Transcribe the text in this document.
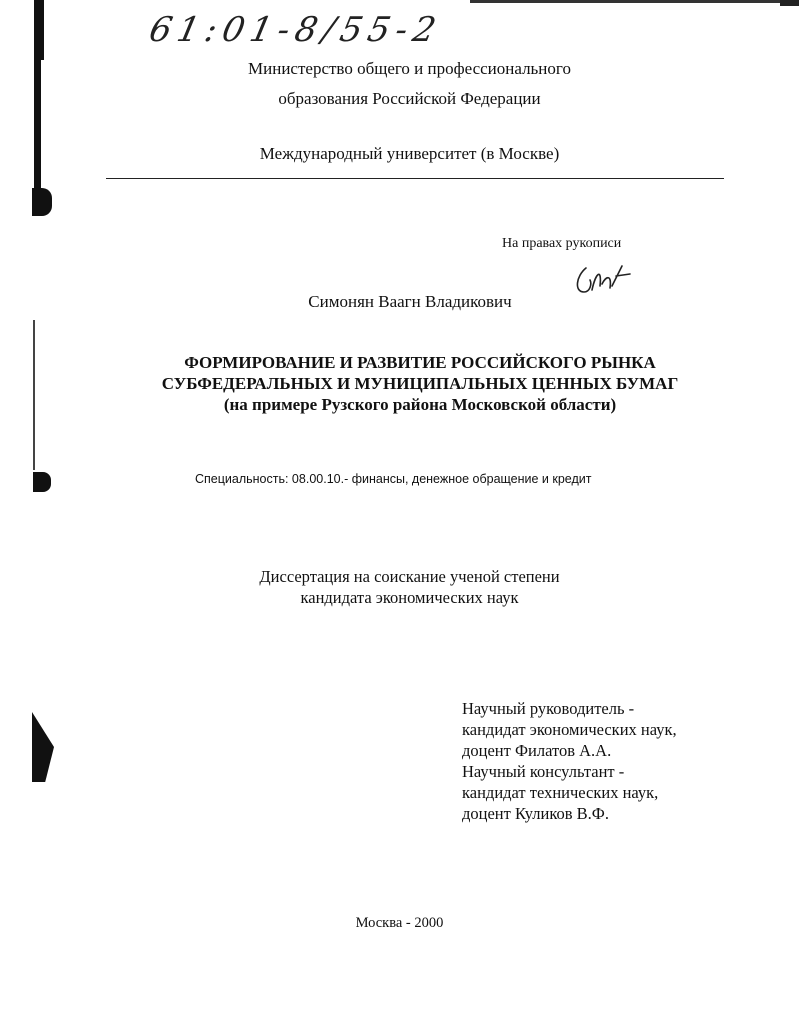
61:01-8/55-2
Министерство общего и профессионального
образования Российской Федерации
Международный университет (в Москве)
На правах рукописи
Симонян Ваагн Владикович
ФОРМИРОВАНИЕ И РАЗВИТИЕ РОССИЙСКОГО РЫНКА
СУБФЕДЕРАЛЬНЫХ И МУНИЦИПАЛЬНЫХ ЦЕННЫХ БУМАГ
(на примере Рузского района Московской области)
Специальность: 08.00.10.- финансы, денежное обращение и кредит
Диссертация на соискание ученой степени
кандидата экономических наук
Научный руководитель -
кандидат экономических наук,
доцент Филатов А.А.
Научный консультант -
кандидат технических наук,
доцент Куликов В.Ф.
Москва - 2000
